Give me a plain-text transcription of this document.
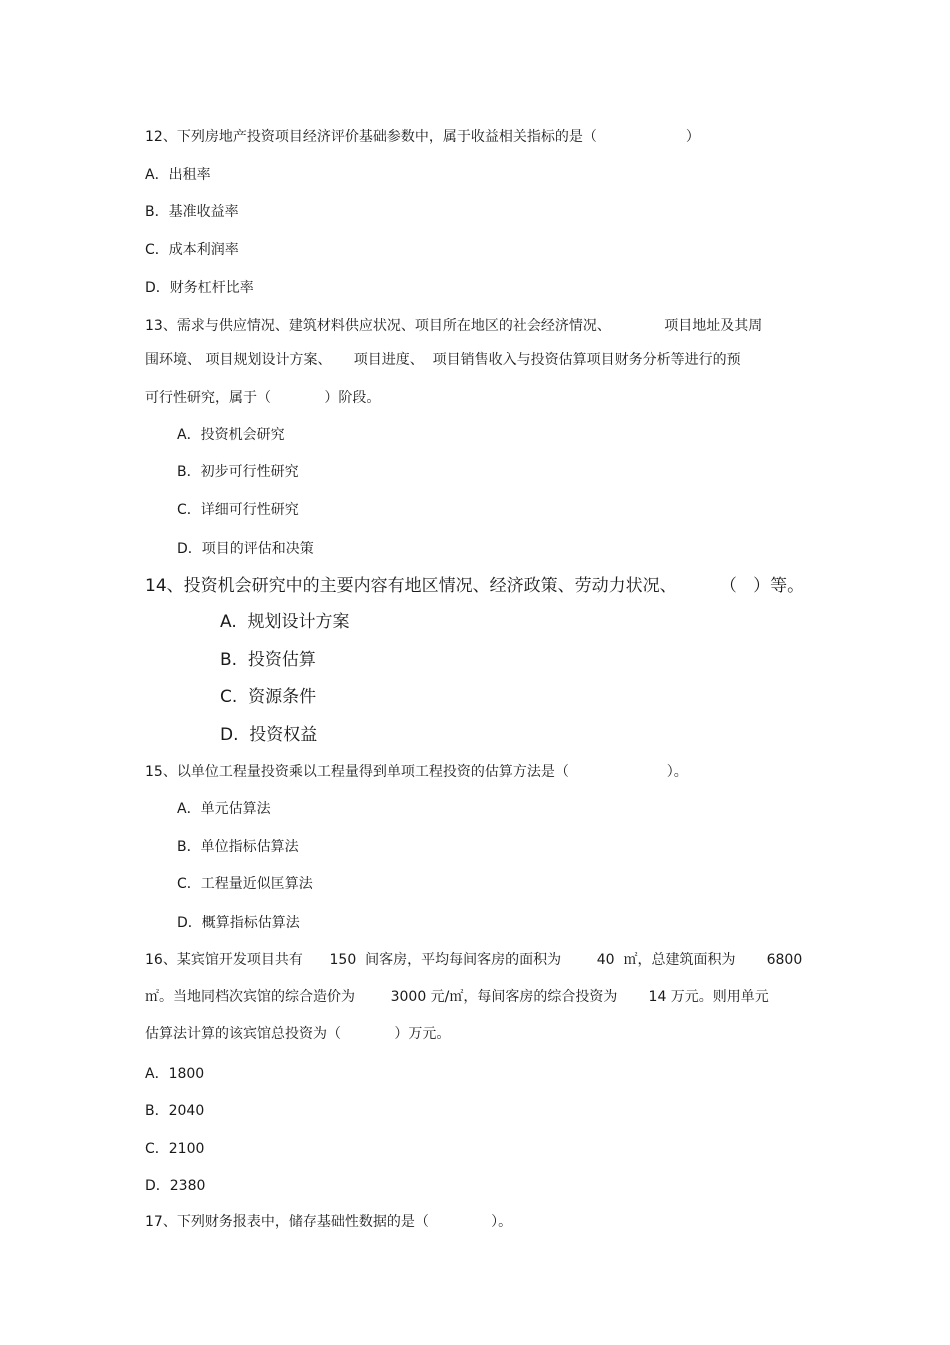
12、下列房地产投资项目经济评价基础参数中，属于收益相关指标的是（                    ）
A．出租率
B．基准收益率
C．成本利润率
D．财务杠杆比率
13、需求与供应情况、建筑材料供应状况、项目所在地区的社会经济情况、            项目地址及其周
围环境、 项目规划设计方案、     项目进度、  项目销售收入与投资估算项目财务分析等进行的预
可行性研究，属于（            ）阶段。
A．投资机会研究
B．初步可行性研究
C．详细可行性研究
D．项目的评估和决策
14、投资机会研究中的主要内容有地区情况、经济政策、劳动力状况、        （   ）等。
A.  规划设计方案
B.  投资估算
C.  资源条件
D.  投资权益
15、以单位工程量投资乘以工程量得到单项工程投资的估算方法是（                      ）。
A．单元估算法
B．单位指标估算法
C．工程量近似匡算法
D．概算指标估算法
16、某宾馆开发项目共有      150  间客房，平均每间客房的面积为        40  ㎡，总建筑面积为       6800
㎡。当地同档次宾馆的综合造价为        3000 元/㎡，每间客房的综合投资为       14 万元。则用单元
估算法计算的该宾馆总投资为（            ）万元。
A．1800
B．2040
C．2100
D．2380
17、下列财务报表中，储存基础性数据的是（              ）。
